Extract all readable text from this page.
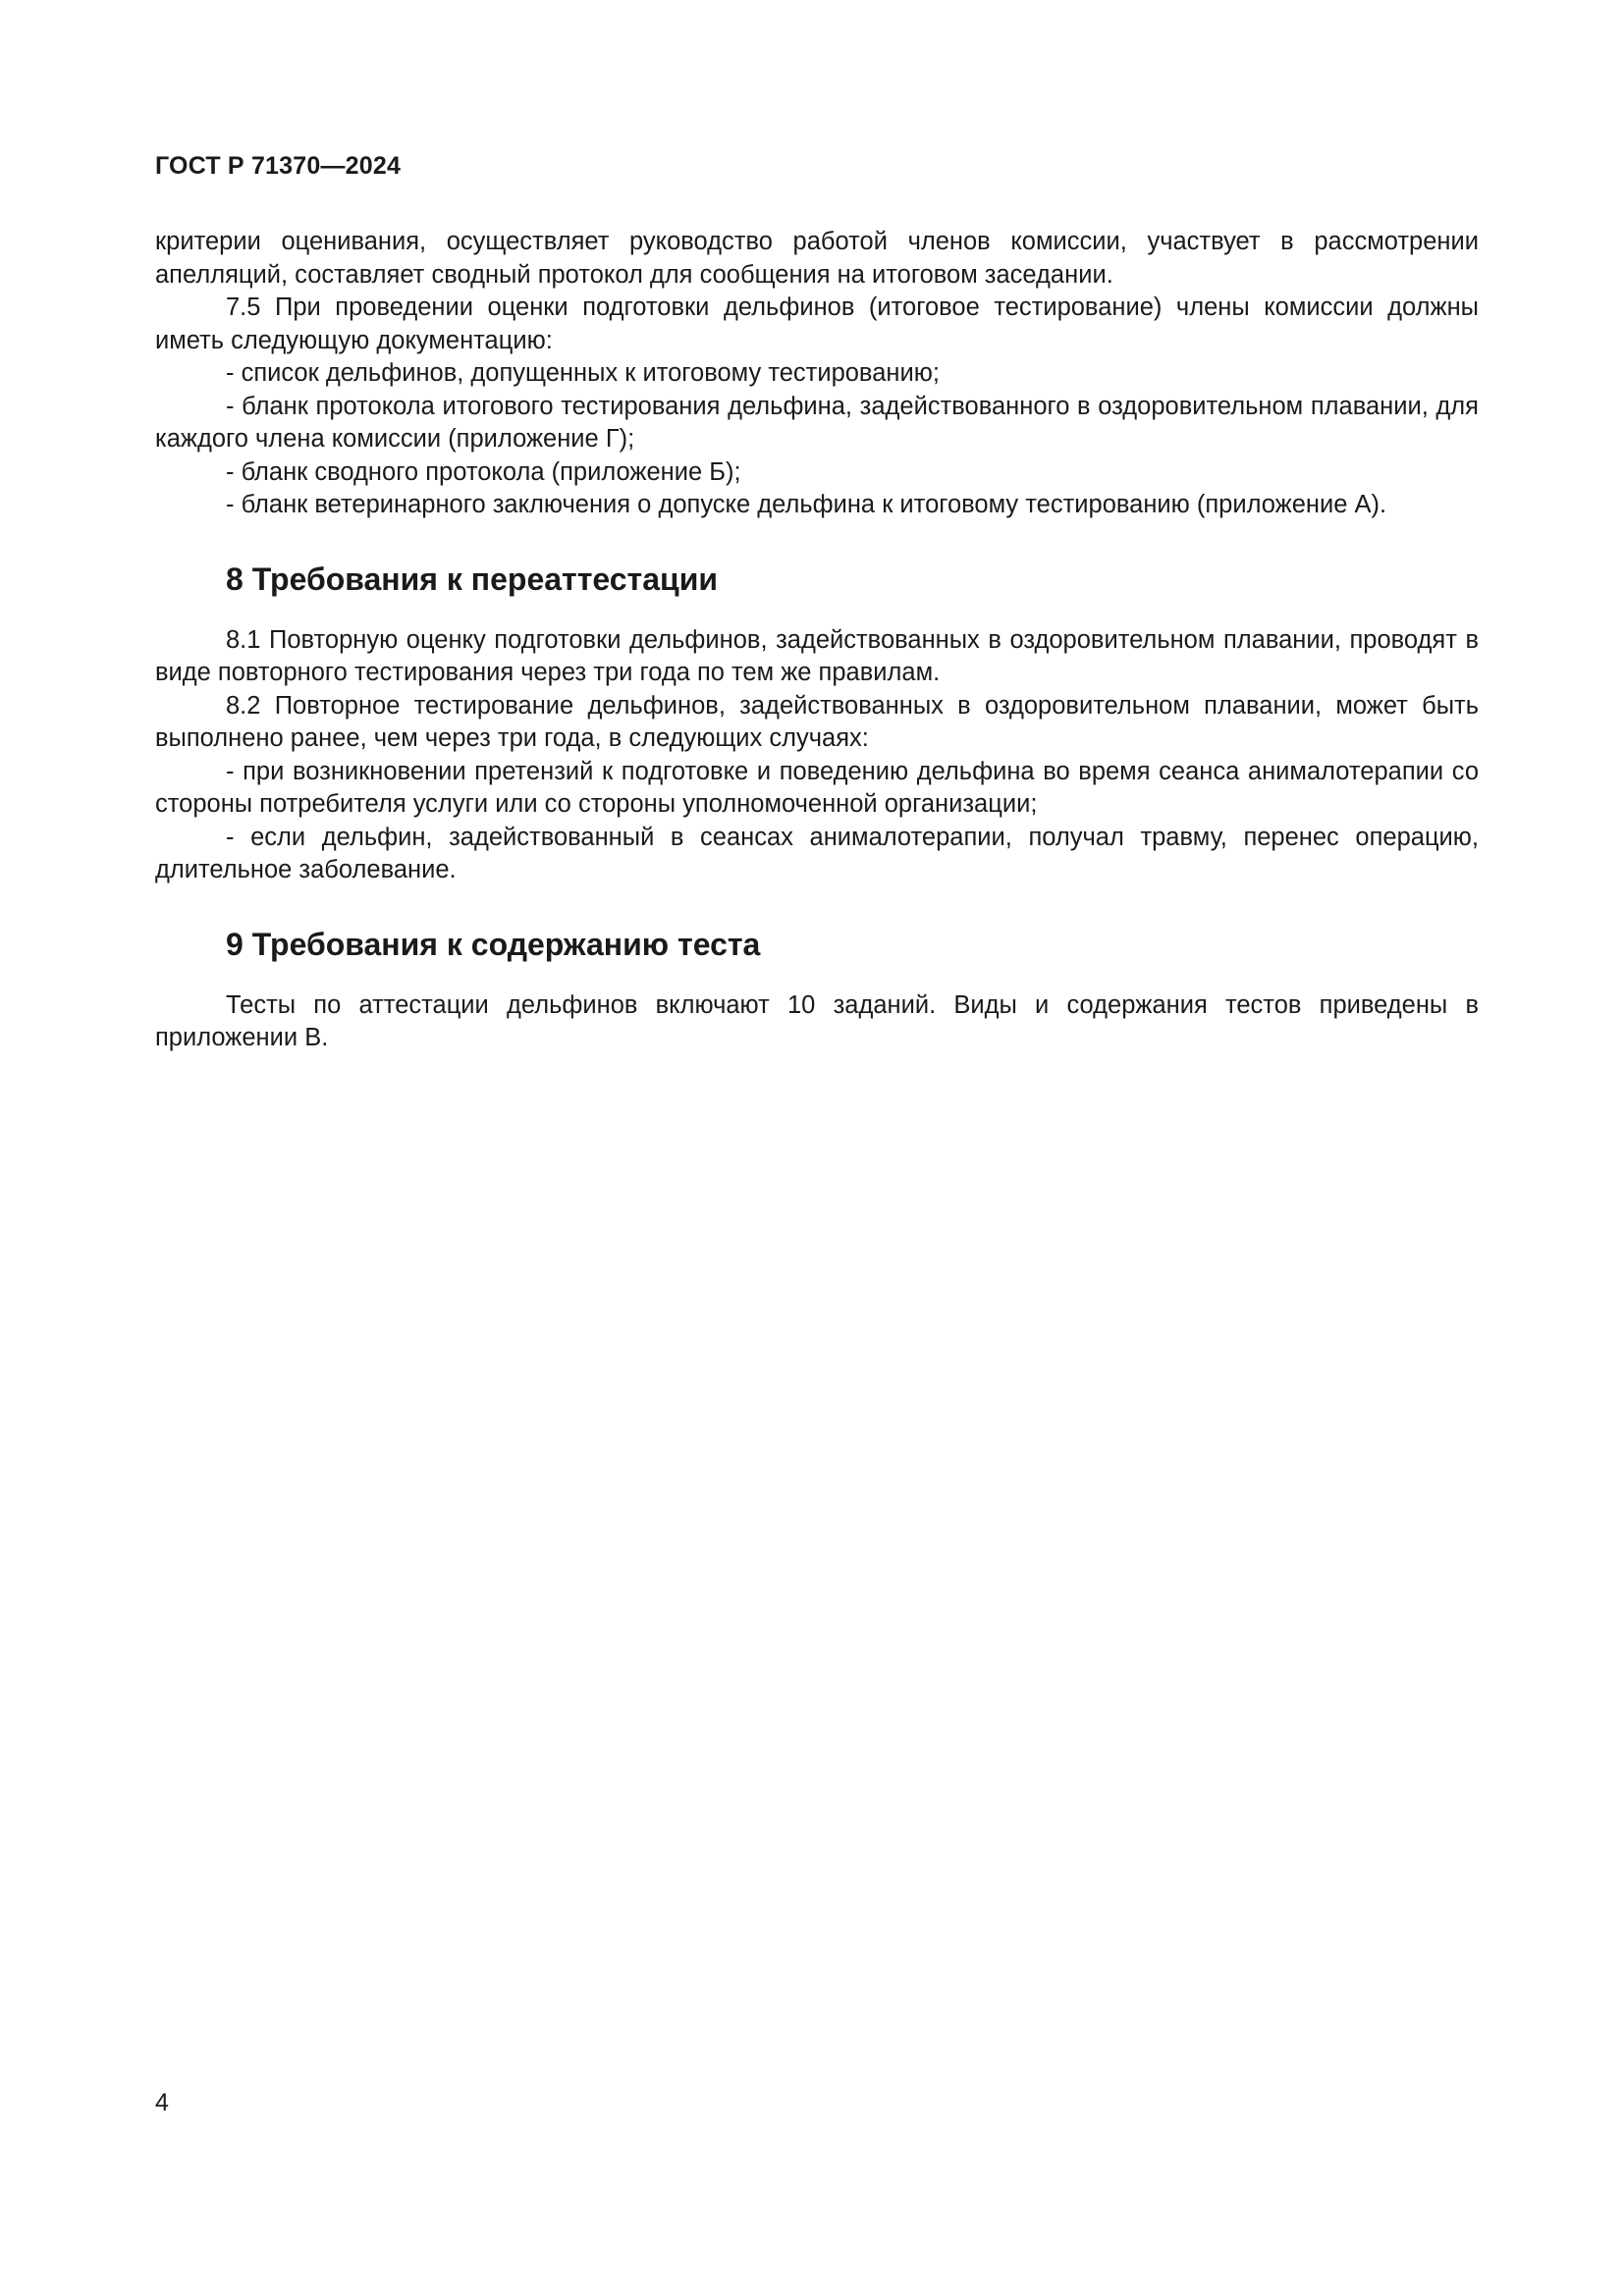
ГОСТ Р 71370—2024

критерии оценивания, осуществляет руководство работой членов комиссии, участвует в рассмотрении апелляций, составляет сводный протокол для сообщения на итоговом заседании.

7.5 При проведении оценки подготовки дельфинов (итоговое тестирование) члены комиссии должны иметь следующую документацию:

- список дельфинов, допущенных к итоговому тестированию;

- бланк протокола итогового тестирования дельфина, задействованного в оздоровительном плавании, для каждого члена комиссии (приложение Г);

- бланк сводного протокола (приложение Б);

- бланк ветеринарного заключения о допуске дельфина к итоговому тестированию (приложение А).

8 Требования к переаттестации

8.1 Повторную оценку подготовки дельфинов, задействованных в оздоровительном плавании, проводят в виде повторного тестирования через три года по тем же правилам.

8.2 Повторное тестирование дельфинов, задействованных в оздоровительном плавании, может быть выполнено ранее, чем через три года, в следующих случаях:

- при возникновении претензий к подготовке и поведению дельфина во время сеанса анималотерапии со стороны потребителя услуги или со стороны уполномоченной организации;

- если дельфин, задействованный в сеансах анималотерапии, получал травму, перенес операцию, длительное заболевание.

9 Требования к содержанию теста

Тесты по аттестации дельфинов включают 10 заданий. Виды и содержания тестов приведены в приложении В.

4
